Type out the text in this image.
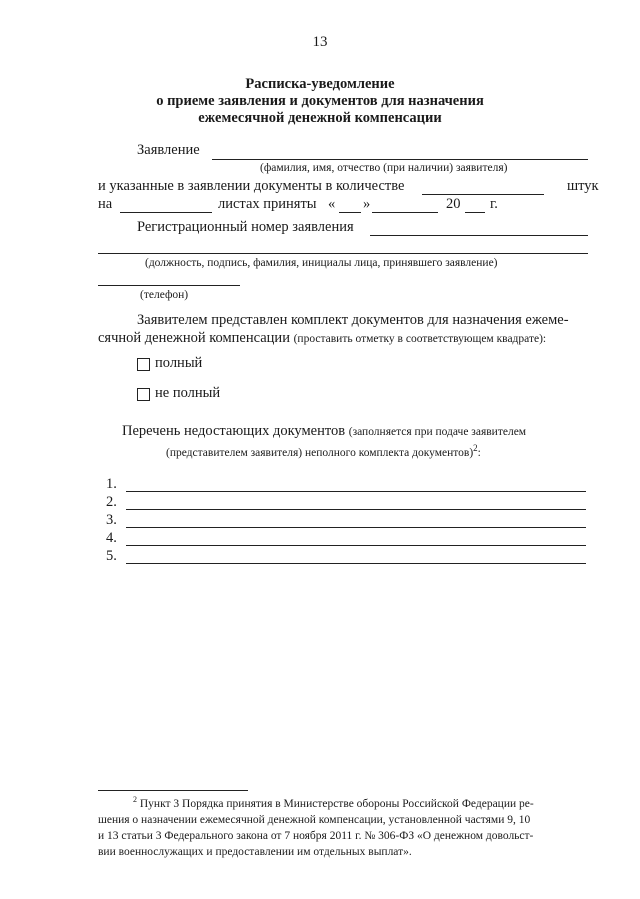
13
Расписка-уведомление
о приеме заявления и документов для назначения
ежемесячной денежной компенсации
Заявление
(фамилия, имя, отчество (при наличии) заявителя)
и указанные в заявлении документы в количестве	штук
на	листах приняты « »	20 г.
Регистрационный номер заявления
(должность, подпись, фамилия, инициалы лица, принявшего заявление)
(телефон)
Заявителем представлен комплект документов для назначения ежеме-
сячной денежной компенсации (проставить отметку в соответствующем квадрате):
полный
не полный
Перечень недостающих документов (заполняется при подаче заявителем
(представителем заявителя) неполного комплекта документов)$^2$:
1.
2.
3.
4.
5.
$^2$ Пункт 3 Порядка принятия в Министерстве обороны Российской Федерации ре-
шения о назначении ежемесячной денежной компенсации, установленной частями 9, 10
и 13 статьи 3 Федерального закона от 7 ноября 2011 г. № 306-ФЗ «О денежном довольст-
вии военнослужащих и предоставлении им отдельных выплат».
